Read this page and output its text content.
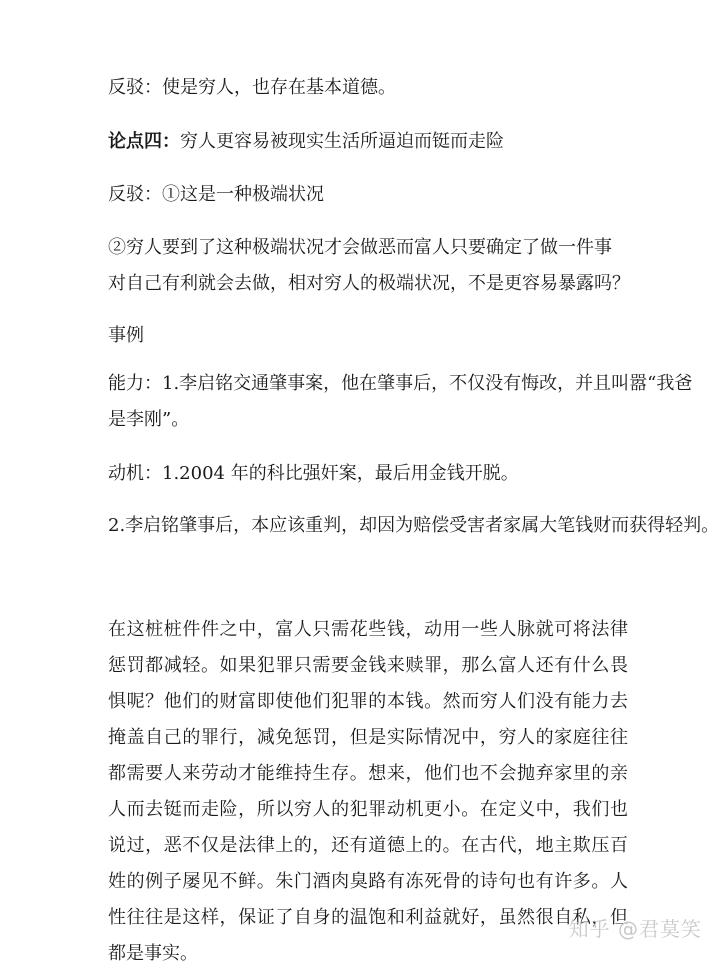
反驳：使是穷人，也存在基本道德。
论点四：穷人更容易被现实生活所逼迫而铤而走险
反驳：①这是一种极端状况
②穷人要到了这种极端状况才会做恶而富人只要确定了做一件事
对自己有利就会去做，相对穷人的极端状况，不是更容易暴露吗？
事例
能力：1.李启铭交通肇事案，他在肇事后，不仅没有悔改，并且叫嚣“我爸
是李刚”。
动机：1.2004 年的科比强奸案，最后用金钱开脱。
2.李启铭肇事后，本应该重判，却因为赔偿受害者家属大笔钱财而获得轻判。
在这桩桩件件之中，富人只需花些钱，动用一些人脉就可将法律惩罚都减轻。如果犯罪只需要金钱来赎罪，那么富人还有什么畏惧呢？他们的财富即使他们犯罪的本钱。然而穷人们没有能力去掩盖自己的罪行，减免惩罚，但是实际情况中，穷人的家庭往往都需要人来劳动才能维持生存。想来，他们也不会抛弃家里的亲人而去铤而走险，所以穷人的犯罪动机更小。在定义中，我们也说过，恶不仅是法律上的，还有道德上的。在古代，地主欺压百姓的例子屡见不鲜。朱门酒肉臭路有冻死骨的诗句也有许多。人性往往是这样，保证了自身的温饱和利益就好，虽然很自私，但都是事实。
知乎 @君莫笑
